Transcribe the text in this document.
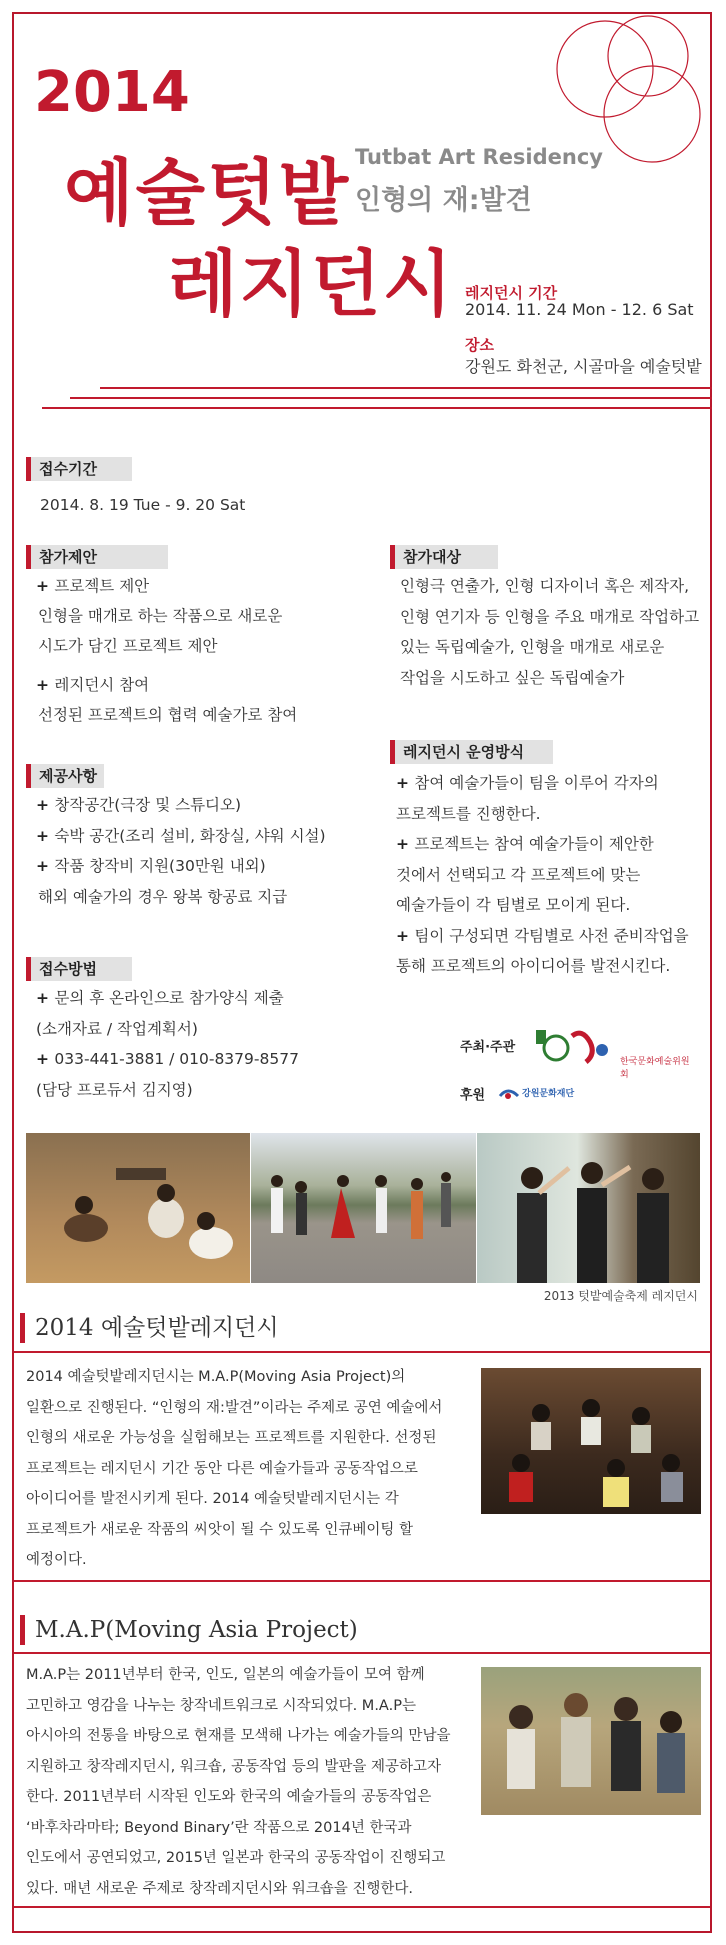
2014
예술텃밭
레지던시
Tutbat Art Residency
인형의 재:발견
레지던시 기간
2014. 11. 24 Mon - 12. 6 Sat
장소
강원도 화천군, 시골마을 예술텃밭
접수기간
2014. 8. 19 Tue - 9. 20 Sat
참가제안
+ 프로젝트 제안
인형을 매개로 하는 작품으로 새로운
시도가 담긴 프로젝트 제안
+ 레지던시 참여
선정된 프로젝트의 협력 예술가로 참여
참가대상
인형극 연출가, 인형 디자이너 혹은 제작자,
인형 연기자 등 인형을 주요 매개로 작업하고
있는 독립예술가, 인형을 매개로 새로운
작업을 시도하고 싶은 독립예술가
제공사항
+ 창작공간(극장 및 스튜디오)
+ 숙박 공간(조리 설비, 화장실, 샤워 시설)
+ 작품 창작비 지원(30만원 내외)
해외 예술가의 경우 왕복 항공료 지급
레지던시 운영방식
+ 참여 예술가들이 팀을 이루어 각자의
프로젝트를 진행한다.
+ 프로젝트는 참여 예술가들이 제안한
것에서 선택되고 각 프로젝트에 맞는
예술가들이 각 팀별로 모이게 된다.
+ 팀이 구성되면 각팀별로 사전 준비작업을
통해 프로젝트의 아이디어를 발전시킨다.
접수방법
+ 문의 후 온라인으로 참가양식 제출
(소개자료 / 작업계획서)
+ 033-441-3881 / 010-8379-8577
(담당 프로듀서 김지영)
주최·주관
한국문화예술위원회
후원	강원문화재단
2013 텃밭예술축제 레지던시
2014 예술텃밭레지던시
2014 예술텃밭레지던시는 M.A.P(Moving Asia Project)의
일환으로 진행된다. “인형의 재:발견”이라는 주제로 공연 예술에서
인형의 새로운 가능성을 실험해보는 프로젝트를 지원한다. 선정된
프로젝트는 레지던시 기간 동안 다른 예술가들과 공동작업으로
아이디어를 발전시키게 된다. 2014 예술텃밭레지던시는 각
프로젝트가 새로운 작품의 씨앗이 될 수 있도록 인큐베이팅 할
예정이다.
M.A.P(Moving Asia Project)
M.A.P는 2011년부터 한국, 인도, 일본의 예술가들이 모여 함께
고민하고 영감을 나누는 창작네트워크로 시작되었다. M.A.P는
아시아의 전통을 바탕으로 현재를 모색해 나가는 예술가들의 만남을
지원하고 창작레지던시, 워크숍, 공동작업 등의 발판을 제공하고자
한다. 2011년부터 시작된 인도와 한국의 예술가들의 공동작업은
‘바후차라마타; Beyond Binary’란 작품으로 2014년 한국과
인도에서 공연되었고, 2015년 일본과 한국의 공동작업이 진행되고
있다. 매년 새로운 주제로 창작레지던시와 워크숍을 진행한다.
